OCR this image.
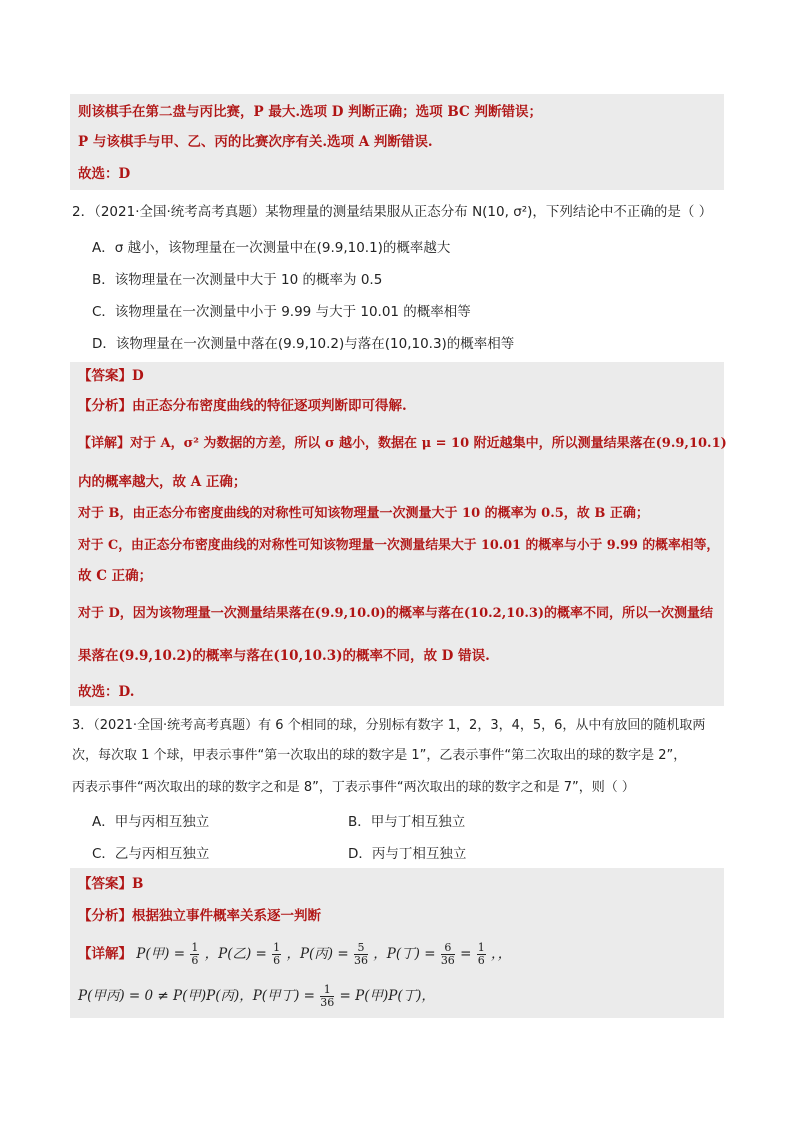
则该棋手在第二盘与丙比赛，P 最大.选项 D 判断正确；选项 BC 判断错误；
P 与该棋手与甲、乙、丙的比赛次序有关.选项 A 判断错误.
故选：D
2．（2021·全国·统考高考真题）某物理量的测量结果服从正态分布 N(10, σ²)，下列结论中不正确的是（ ）
A．σ 越小，该物理量在一次测量中在(9.9,10.1)的概率越大
B．该物理量在一次测量中大于 10 的概率为 0.5
C．该物理量在一次测量中小于 9.99 与大于 10.01 的概率相等
D．该物理量在一次测量中落在(9.9,10.2)与落在(10,10.3)的概率相等
【答案】D
【分析】由正态分布密度曲线的特征逐项判断即可得解.
【详解】对于 A，σ² 为数据的方差，所以 σ 越小，数据在 μ = 10 附近越集中，所以测量结果落在(9.9,10.1)
内的概率越大，故 A 正确；
对于 B，由正态分布密度曲线的对称性可知该物理量一次测量大于 10 的概率为 0.5，故 B 正确；
对于 C，由正态分布密度曲线的对称性可知该物理量一次测量结果大于 10.01 的概率与小于 9.99 的概率相等，
故 C 正确；
对于 D，因为该物理量一次测量结果落在(9.9,10.0)的概率与落在(10.2,10.3)的概率不同，所以一次测量结
果落在(9.9,10.2)的概率与落在(10,10.3)的概率不同，故 D 错误.
故选：D.
3．（2021·全国·统考高考真题）有 6 个相同的球，分别标有数字 1，2，3，4，5，6，从中有放回的随机取两
次，每次取 1 个球，甲表示事件“第一次取出的球的数字是 1”，乙表示事件“第二次取出的球的数字是 2”，
丙表示事件“两次取出的球的数字之和是 8”，丁表示事件“两次取出的球的数字之和是 7”，则（ ）
A．甲与丙相互独立	B．甲与丁相互独立
C．乙与丙相互独立	D．丙与丁相互独立
【答案】B
【分析】根据独立事件概率关系逐一判断
【详解】 P(甲) = $\frac{1}{6}$ ，P(乙) = $\frac{1}{6}$ ，P(丙) = $\frac{5}{36}$ ，P(丁) = $\frac{6}{36} = \frac{1}{6}$ ，，
P(甲丙) = 0 ≠ P(甲)P(丙)，P(甲丁) = $\frac{1}{36} = P$(甲)P(丁)，
